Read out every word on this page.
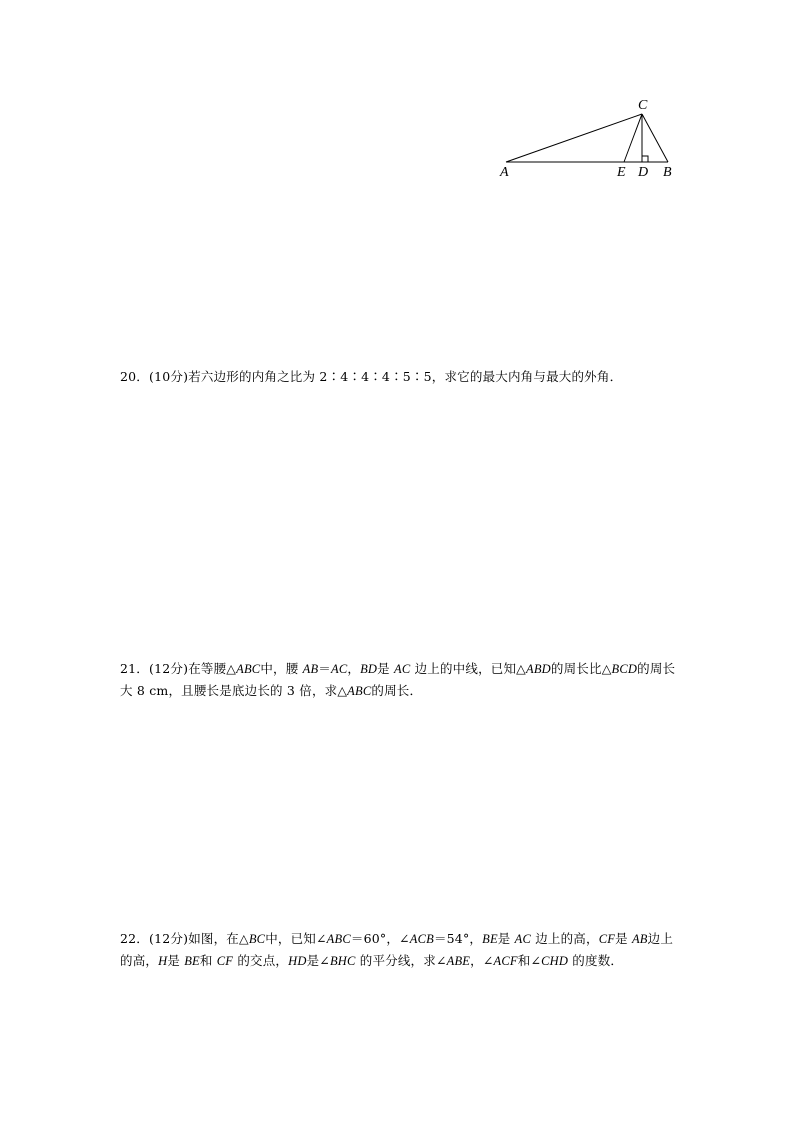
A	E D B
C

20．(10分)若六边形的内角之比为 2∶4∶4∶4∶5∶5，求它的最大内角与最大的外角．

21．(12分)在等腰△ABC中，腰 AB＝AC，BD是 AC 边上的中线，已知△ABD的周长比△BCD的周长大 8 cm，且腰长是底边长的 3 倍，求△ABC的周长．

22．(12分)如图，在△BC中，已知∠ABC＝60°，∠ACB＝54°，BE是 AC 边上的高，CF是 AB边上的高，H是 BE和 CF 的交点，HD是∠BHC 的平分线，求∠ABE，∠ACF和∠CHD 的度数．
